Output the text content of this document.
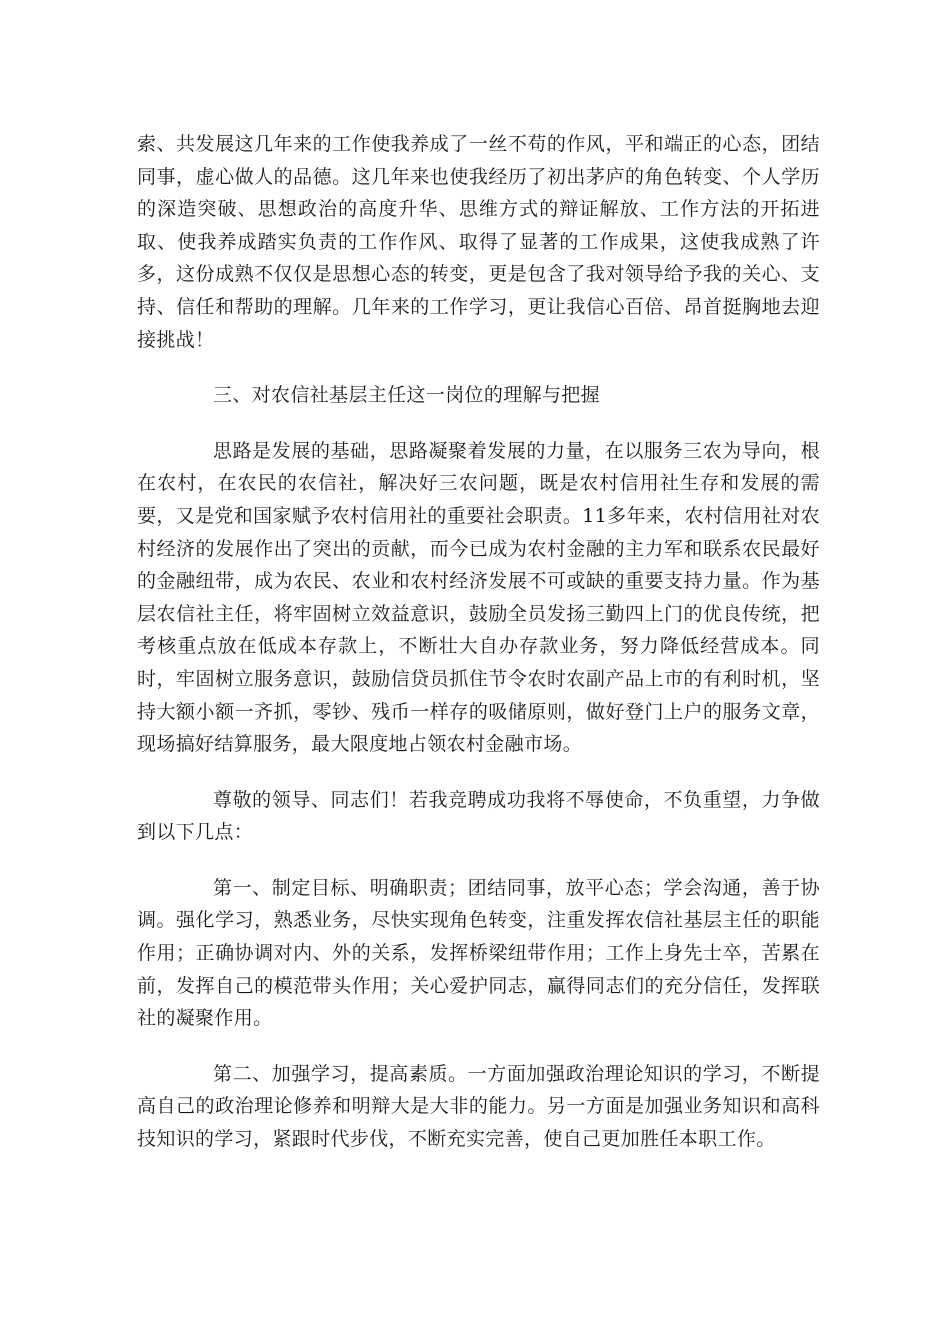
索、共发展这几年来的工作使我养成了一丝不苟的作风，平和端正的心态，团结同事，虚心做人的品德。这几年来也使我经历了初出茅庐的角色转变、个人学历的深造突破、思想政治的高度升华、思维方式的辩证解放、工作方法的开拓进取、使我养成踏实负责的工作作风、取得了显著的工作成果，这使我成熟了许多，这份成熟不仅仅是思想心态的转变，更是包含了我对领导给予我的关心、支持、信任和帮助的理解。几年来的工作学习，更让我信心百倍、昂首挺胸地去迎接挑战！

三、对农信社基层主任这一岗位的理解与把握

思路是发展的基础，思路凝聚着发展的力量，在以服务三农为导向，根在农村，在农民的农信社，解决好三农问题，既是农村信用社生存和发展的需要，又是党和国家赋予农村信用社的重要社会职责。11多年来，农村信用社对农村经济的发展作出了突出的贡献，而今已成为农村金融的主力军和联系农民最好的金融纽带，成为农民、农业和农村经济发展不可或缺的重要支持力量。作为基层农信社主任，将牢固树立效益意识，鼓励全员发扬三勤四上门的优良传统，把考核重点放在低成本存款上，不断壮大自办存款业务，努力降低经营成本。同时，牢固树立服务意识，鼓励信贷员抓住节令农时农副产品上市的有利时机，坚持大额小额一齐抓，零钞、残币一样存的吸储原则，做好登门上户的服务文章，现场搞好结算服务，最大限度地占领农村金融市场。

尊敬的领导、同志们！若我竞聘成功我将不辱使命，不负重望，力争做到以下几点：

第一、制定目标、明确职责；团结同事，放平心态；学会沟通，善于协调。强化学习，熟悉业务，尽快实现角色转变，注重发挥农信社基层主任的职能作用；正确协调对内、外的关系，发挥桥梁纽带作用；工作上身先士卒，苦累在前，发挥自己的模范带头作用；关心爱护同志，赢得同志们的充分信任，发挥联社的凝聚作用。

第二、加强学习，提高素质。一方面加强政治理论知识的学习，不断提高自己的政治理论修养和明辩大是大非的能力。另一方面是加强业务知识和高科技知识的学习，紧跟时代步伐，不断充实完善，使自己更加胜任本职工作。
